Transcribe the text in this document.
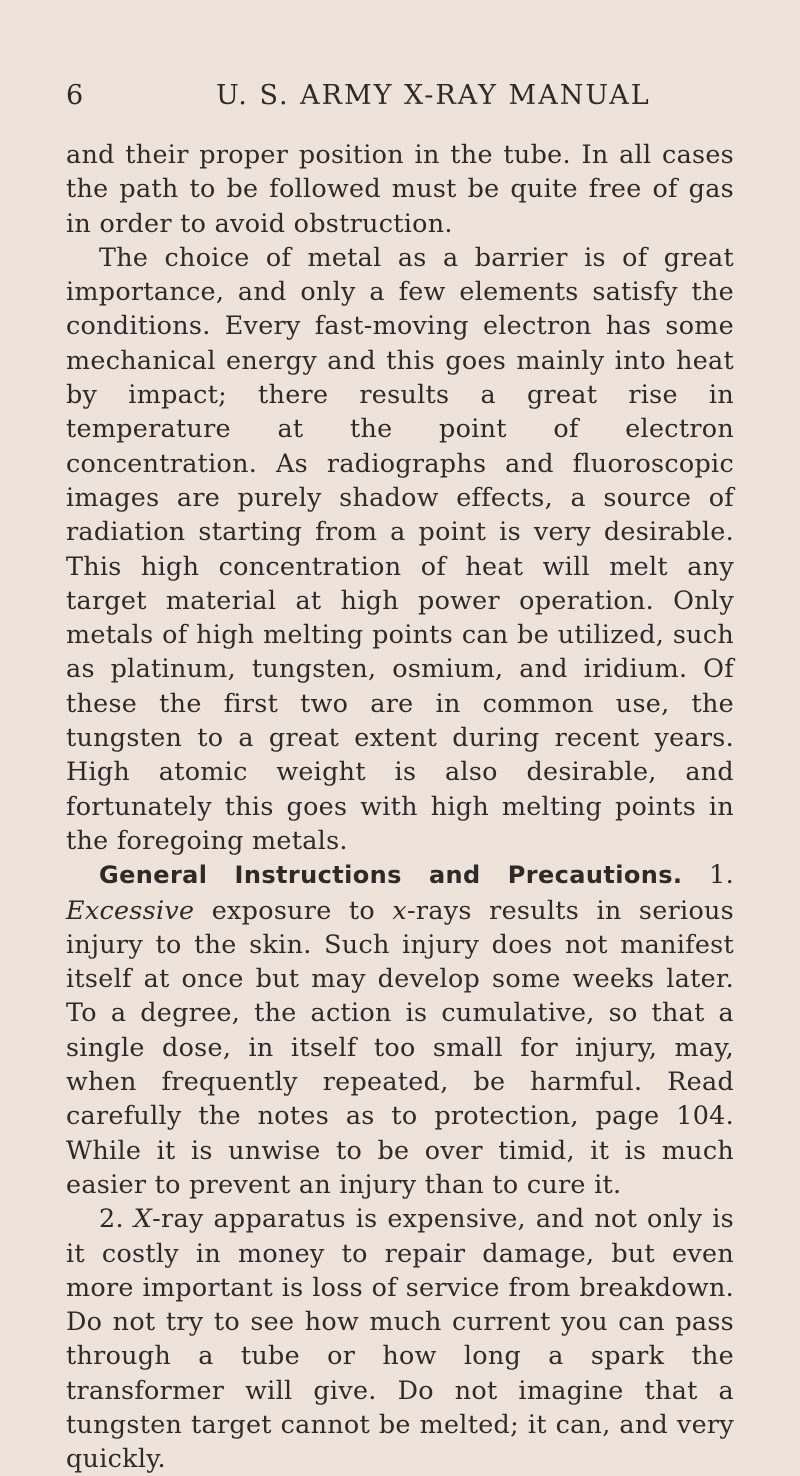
6	U. S. ARMY X-RAY MANUAL

and their proper position in the tube. In all cases the path to be followed must be quite free of gas in order to avoid obstruction.

The choice of metal as a barrier is of great importance, and only a few elements satisfy the conditions. Every fast-moving electron has some mechanical energy and this goes mainly into heat by impact; there results a great rise in temperature at the point of electron concentration. As radiographs and fluoroscopic images are purely shadow effects, a source of radiation starting from a point is very desirable. This high concentration of heat will melt any target material at high power operation. Only metals of high melting points can be utilized, such as platinum, tungsten, osmium, and iridium. Of these the first two are in common use, the tungsten to a great extent during recent years. High atomic weight is also desirable, and fortunately this goes with high melting points in the foregoing metals.

General Instructions and Precautions. 1. Excessive exposure to x-rays results in serious injury to the skin. Such injury does not manifest itself at once but may develop some weeks later. To a degree, the action is cumulative, so that a single dose, in itself too small for injury, may, when frequently repeated, be harmful. Read carefully the notes as to protection, page 104. While it is unwise to be over timid, it is much easier to prevent an injury than to cure it.

2. X-ray apparatus is expensive, and not only is it costly in money to repair damage, but even more important is loss of service from breakdown. Do not try to see how much current you can pass through a tube or how long a spark the transformer will give. Do not imagine that a tungsten target cannot be melted; it can, and very quickly.
